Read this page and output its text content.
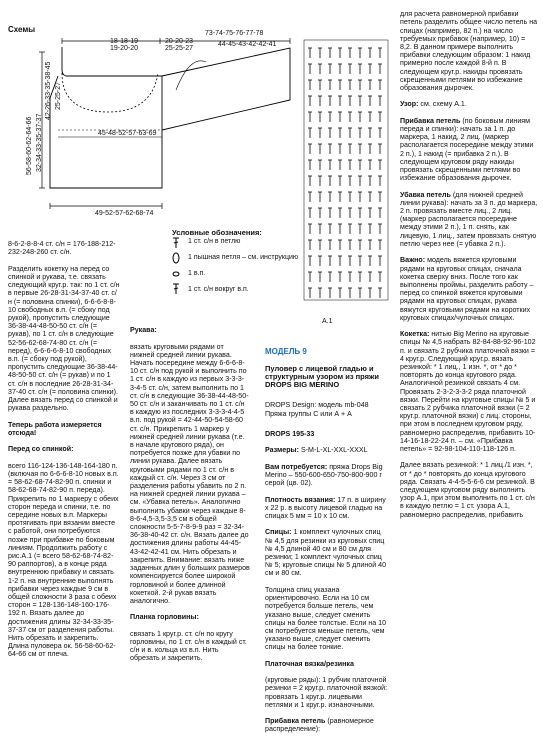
Схемы
18-18-19
19-20-20
20-20-23
25-25-27
73-74-75-76-77-78
44-45-43-42-42-41
42-26-33-35-38-45 25-25-27
56-58-60-62-64-66 32-34-33-35-37-37	45-48-52-57-63-69
49-52-57-62-68-74
Условные обозначения:
1 ст. с/н в петлю
1 пышная петля – см. инструкцию
1 в.п.
1 ст. с/н вокруг в.п.
А.1

8-6-2-8-8-4 ст. с/н = 176-188-212-232-248-260 ст. с/н.

Разделить кокетку на перед со спинкой и рукава, т.е. связать следующий круг.р. так: по 1 ст. с/н в первые 26-28-31-34-37-40 ст. с/н (= половина спинки), 6-6-6-8-8-10 свободных в.п. (= сбоку под рукой), пропустить следующие 36-38-44-48-50-50 ст. с/н (= рукав), по 1 ст. с/н в следующие 52-56-62-68-74-80 ст. с/н (= перед), 6-6-6-6-8-10 свободных в.п. (= сбоку под рукой), пропустить следующие 36-38-44-48-50-50 ст. с/н (= рукав) и по 1 ст. с/н в последние 26-28-31-34-37-40 ст. с/н (= половина спинки). Далее вязать перед со спинкой и рукава раздельно.

Теперь работа измеряется отсюда!

Перед со спинкой:

всего 116-124-136-148-164-180 п. (включая по 6-6-6-8-10 новых в.п. = 58-62-68-74-82-90 п. спинки и 58-62-68-74-82-90 п. переда). Прикрепить по 1 маркеру с обеих сторон переда и спинки, т.е. по середине новых в.п. Маркеры протягивать при вязании вместе с работой, они потребуются позже при прибавке по боковым линиям. Продолжить работу с рис.А.1 (= всего 58-62-68-74-82-90 раппортов), а в конце ряда внутреннюю прибавку и связать 1-2 п. на внутренние выполнять прибавки через каждые 9 см в общей сложности 3 раза с обеих сторон = 128-136-148-160-176-192 п. Вязать далее до достижения длины 32-34-33-35-37-37 см от разделения работы. Нить обрезать и закрепить. Длина пуловера ок. 56-58-60-62-64-66 см от плеча.

Рукава:

вязать круговыми рядами от нижней средней линии рукава. Начать посередине между 6-6-6-8-10 ст. с/н под рукой и выполнить по 1 ст. с/н в каждую из первых 3-3-3-3-4-5 ст. с/н, затем выполнить по 1 ст. с/н в следующие 36-38-44-48-50-50 ст. с/н и заканчивать по 1 ст. с/н в каждую из последних 3-3-3-4-4-5 в.п. под рукой = 42-44-50-54-58-60 ст. с/н. Прикрепить 1 маркер у нижней средней линии рукава (т.е. в начале кругового ряда), он потребуется позже для убавки по линии рукава. Далее вязать круговыми рядами по 1 ст. с/н в каждый ст. с/н. Через 3 см от разделения работы убавить по 2 п. на нижней средней линии рукава – см. «Убавка петель». Аналогично выполнить убавки через каждые 8-8-6-4,5-3,5-3,5 см в общей сложности 5-5-7-8-9-9 раз = 32-34-36-38-40-42 ст. с/н. Вязать далее до достижения длины работы 44-45-43-42-42-41 см. Нить обрезать и закрепить. Внимание: вязать ниже заданных длин у больших размеров компенсируется более широкой горловиной и более длинной кокеткой. 2-й рукав вязать аналогично.

Планка горловины:

связать 1 круг.р. ст. с/н по кругу горловины, по 1 ст. с/н в каждый ст. с/н и в. кольца из в.п. Нить обрезать и закрепить.

МОДЕЛЬ 9

Пуловер с лицевой гладью и структурным узором из пряжи DROPS BIG MERINO

DROPS Design: модель mb-048 Пряжа группы С или А + А

DROPS 195-33

Размеры: S-M-L-XL-XXL-XXXL

Вам потребуется: пряжа Drops Big Merino – 550-600-650-750-800-900 г серой (цв. 02).

Плотность вязания: 17 п. в ширину х 22 р. в высоту лицевой гладью на спицах 5 мм = 10 х 10 см.

Спицы: 1 комплект чулочных спиц № 4,5 для резинки из круговых спиц № 4,5 длиной 40 см и 80 см для резинки; 1 комплект чулочных спиц № 5; круговые спицы № 5 длиной 40 см и 80 см.

Толщина спиц указана ориентировочно. Если на 10 см потребуется больше петель, чем указано выше, следует сменить спицы на более толстые. Если на 10 см потребуется меньше петель, чем указано выше, следует сменить спицы на более тонкие.

Платочная вязка/резинка

(круговые ряды): 1 рубчик платочной резинки = 2 круг.р. платочной вязкой: провязать 1 круг.р. лицевыми петлями и 1 круг.р. изнаночными.

Прибавка петель (равномерное распределение):

для расчета равномерной прибавки петель разделить общее число петель на спицах (например, 82 п.) на число требуемых прибавок (например, 10) = 8,2. В данном примере выполнить прибавки следующим образом: 1 накид примерно после каждой 8-й п. В следующем круг.р. накиды провязать скрещенными петлями во избежание образования дырочек.

Узор: см. схему А.1.

Прибавка петель (по боковым линиям переда и спинки): начать за 1 п. до маркера, 1 накид, 2 лиц. (маркер располагается посередине между этими 2 п.), 1 накид (= прибавка 2 п.). В следующем круговом ряду накиды провязать скрещенными петлями во избежание образования дырочек.

Убавка петель (для нижней средней линии рукава): начать за 3 п. до маркера, 2 п. провязать вместе лиц., 2 лиц. (маркер располагается посередине между этими 2 п.), 1 п. снять, как лицевую, 1 лиц., затем провязать снятую петлю через нее (= убавка 2 п.).

Важно: модель вяжется круговыми рядами на круговых спицах, сначала кокетка сверху вниз. После того как выполнены проймы, разделить работу – перед со спинкой вяжется круговыми рядами на круговых спицах, рукава вяжутся круговыми рядами на коротких круговых спицах/чулочных спицах.

Кокетка: нитью Big Merino на круговые спицы № 4,5 набрать 82-84-88-92-96-102 п. и связать 2 рубчика платочной вязки = 4 круг.р. Следующий круг.р. вязать резинкой: * 1 лиц., 1 изн. *, от * до * повторять до конца кругового ряда. Аналогичной резинкой связать 4 см. Провязать 2-3-2-3-3-2 ряда платочной вязки. Перейти на круговые спицы № 5 и связать 2 рубчика платочной вязки (= 2 круг.р. платочной вязки) с лиц. стороны, при этом в последнем круговом ряду, равномерно распределив, прибавить 10-14-16-18-22-24 п. – см. «Прибавка петель» = 92-98-104-110-118-126 п.

Далее вязать резинкой: * 1 лиц./1 изн. *, от * до * повторять до конца кругового ряда. Связать 4-4-5-5-6-6 см резинкой. В следующем круговом ряду выполнить узор А.1, при этом выполнить по 1 ст. с/н в каждую петлю = 1 ст. узора А.1, равномерно распределив, прибавить
